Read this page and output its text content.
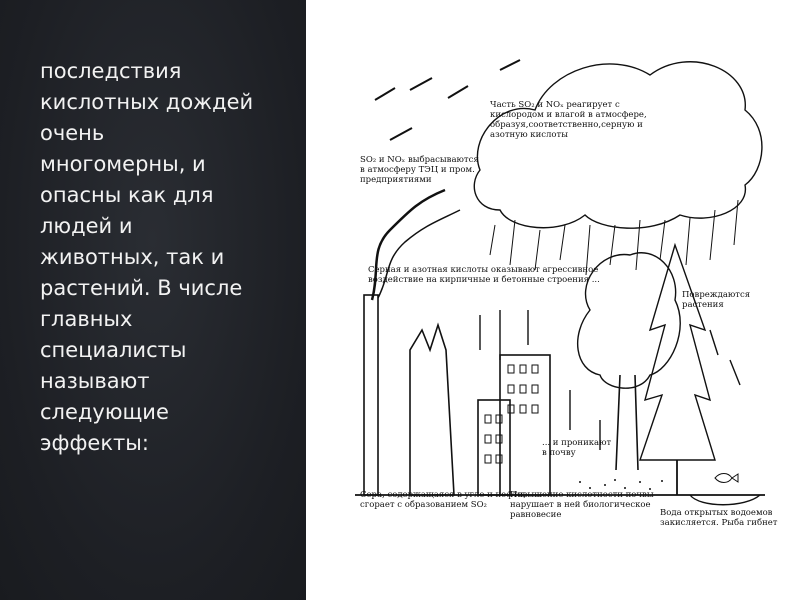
последствия
кислотных дождей
очень
многомерны, и
опасны как для
людей и
животных, так и
растений. В числе
главных
специалисты
называют
следующие
эффекты:
Часть SO₂ и NOₓ реагирует с
кислородом и влагой в атмосфере,
образуя,соответственно,серную и
азотную кислоты
SO₂ и NOₓ выбрасываются
в атмосферу ТЭЦ и пром.
предприятиями
Серная и азотная кислоты оказывают агрессивное
воздействие на кирпичные и бетонные строения ...
Повреждаются
растения
... и проникают
в почву
Сера, содержащаяся в угле и нефти,
сгорает с образованием SO₂
Повышение кислотности почвы
нарушает в ней биологическое
равновесие	Вода открытых водоемов
закисляется. Рыба гибнет
